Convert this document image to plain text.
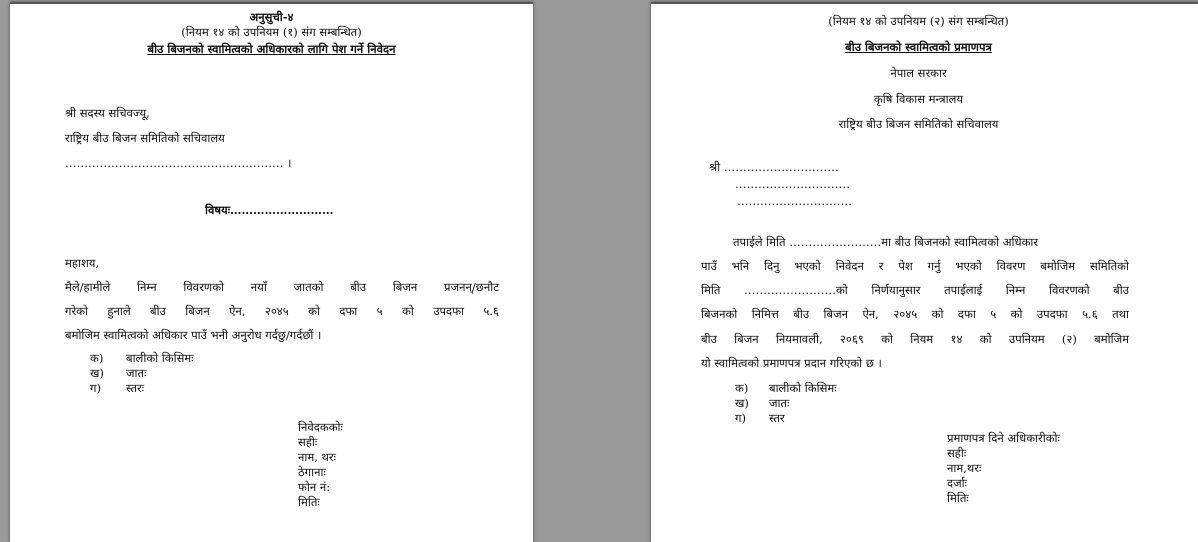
अनुसुची-४
(नियम १४ को उपनियम (१) संग सम्बन्धित)
बीउ बिजनको स्वामित्वको अधिकारको लागि पेश गर्ने निवेदन
श्री सदस्य सचिवज्यू,
राष्ट्रिय बीउ बिजन समितिको सचिवालय
………………………………………………… ।
विषयः………………………
महाशय,
मैले/हामीले निम्न विवरणको नयाँ जातको बीउ बिजन प्रजनन्/छनौट
गरेको हुनाले बीउ बिजन ऐन, २०४५ को दफा ५ को उपदफा ५.६
बमोजिम स्वामित्वको अधिकार पाउँ भनी अनुरोध गर्दछु/गर्दछौं ।
क) बालीको किसिमः
ख) जातः
ग) स्तरः
निवेदककोः
सहीः
नाम, थरः
ठेगानाः
फोन नं:
मितिः
(नियम १४ को उपनियम (२) संग सम्बन्धित)
बीउ बिजनको स्वामित्वको प्रमाणपत्र
नेपाल सरकार
कृषि विकास मन्त्रालय
राष्ट्रिय बीउ बिजन समितिको सचिवालय
श्री …………………………
…………………………
…………………………
तपाईले मिति ……………………मा बीउ बिजनको स्वामित्वको अधिकार
पाउँ भनि दिनु भएको निवेदन र पेश गर्नु भएको विवरण बमोजिम समितिको
मिति ……………………को निर्णयानुसार तपाईलाई निम्न विवरणको बीउ
बिजनको निमित्त बीउ बिजन ऐन, २०४५ को दफा ५ को उपदफा ५.६ तथा
बीउ बिजन नियमावली, २०६९ को नियम १४ को उपनियम (२) बमोजिम
यो स्वामित्वको प्रमाणपत्र प्रदान गरिएको छ ।
क) बालीको किसिमः
ख) जातः
ग) स्तर
प्रमाणपत्र दिने अधिकारीकोः
सहीः
नाम,थरः
दर्जाः
मितिः
